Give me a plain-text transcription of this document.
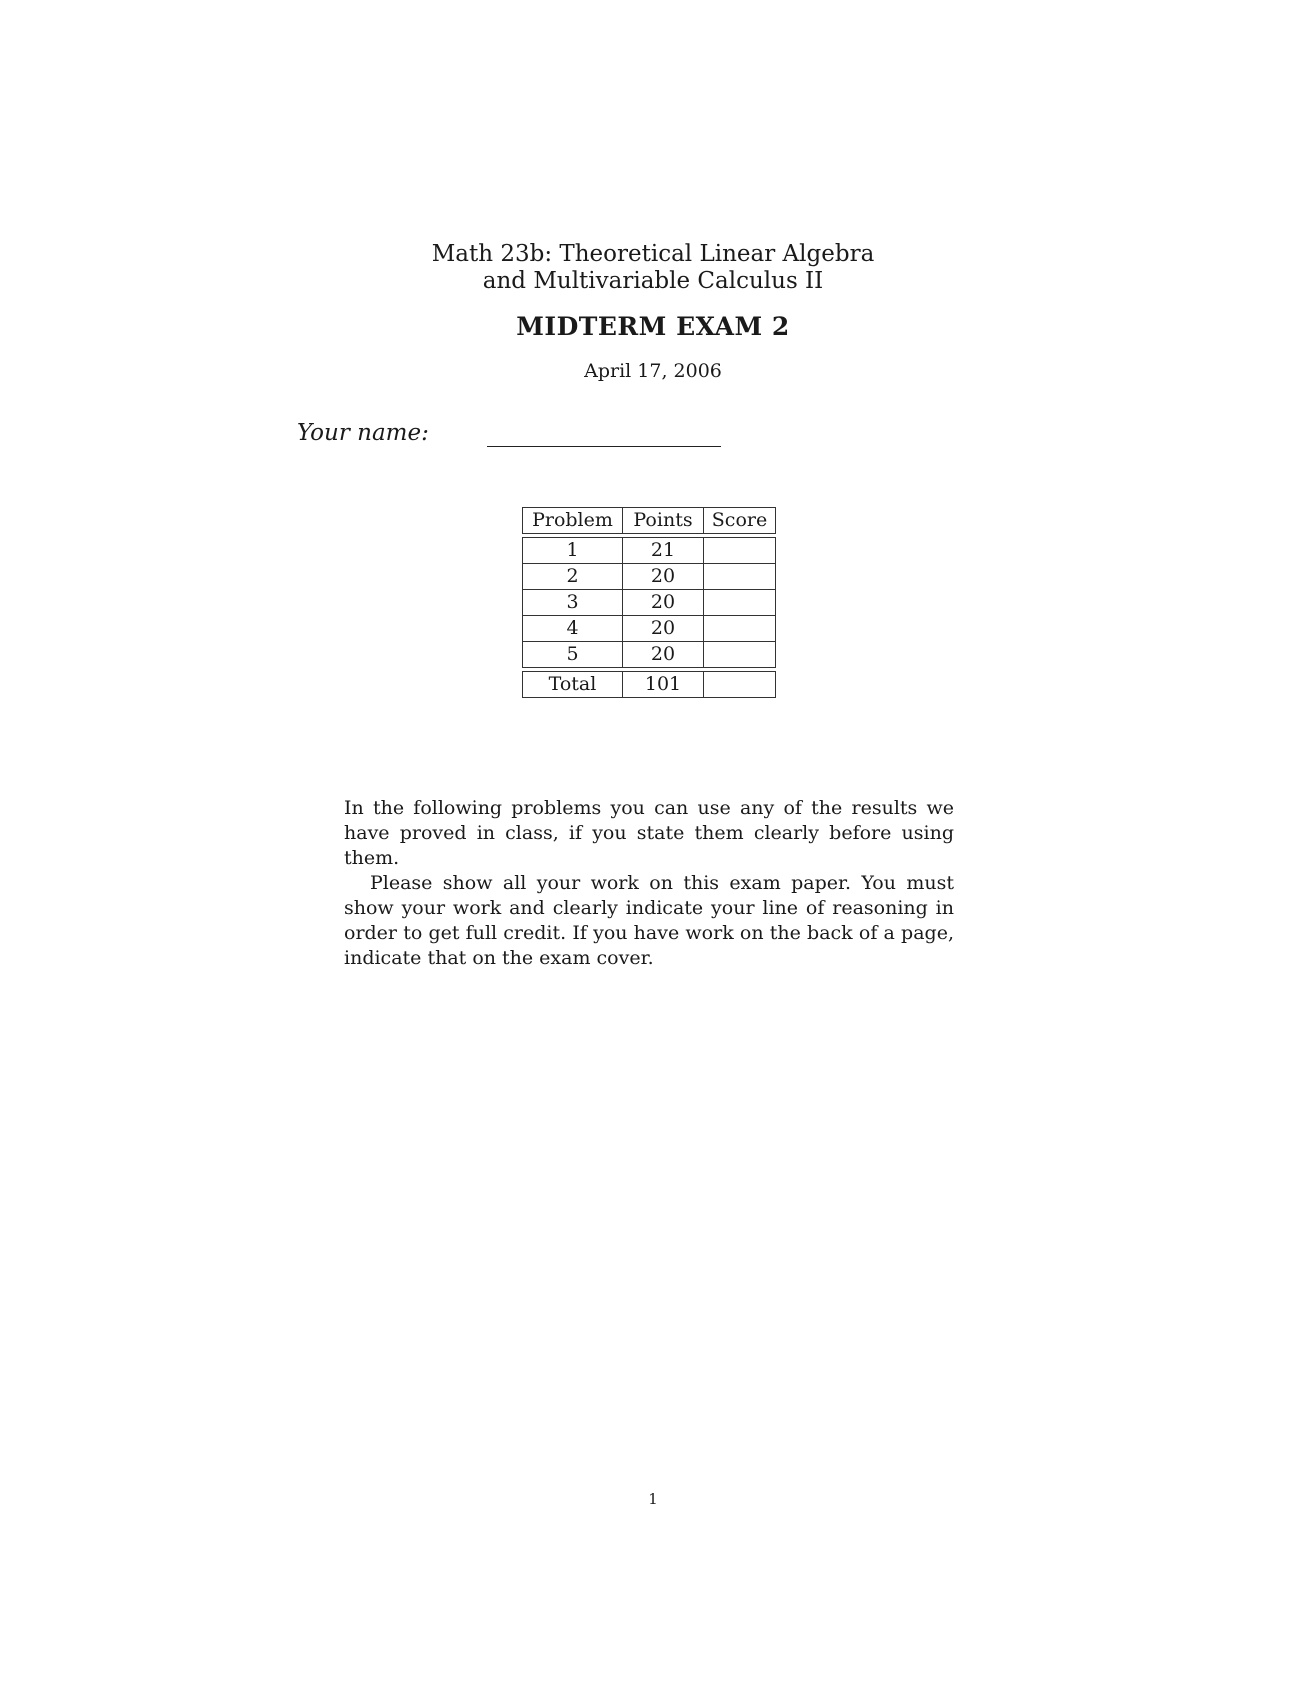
Math 23b: Theoretical Linear Algebra
and Multivariable Calculus II
MIDTERM EXAM 2
April 17, 2006
Your name:
Problem	Points	Score

1	21	
2	20	
3	20	
4	20	
5	20	

Total	101	

In the following problems you can use any of the results we have proved in class, if you state them clearly before using them.

Please show all your work on this exam paper. You must show your work and clearly indicate your line of reasoning in order to get full credit. If you have work on the back of a page, indicate that on the exam cover.

1
